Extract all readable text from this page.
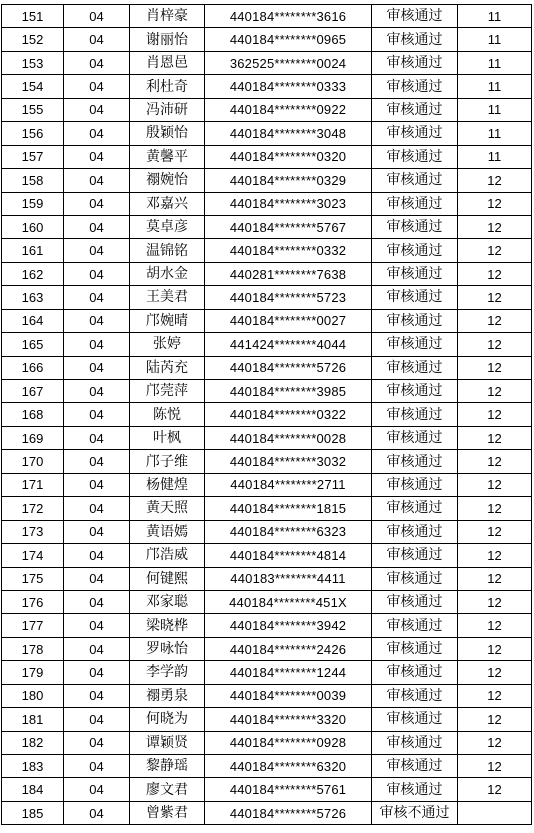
151	04	肖梓豪	440184********3616	审核通过	11
152	04	谢丽怡	440184********0965	审核通过	11
153	04	肖恩邑	362525********0024	审核通过	11
154	04	利杜奇	440184********0333	审核通过	11
155	04	冯沛研	440184********0922	审核通过	11
156	04	殷颖怡	440184********3048	审核通过	11
157	04	黄馨平	440184********0320	审核通过	11
158	04	禤婉怡	440184********0329	审核通过	12
159	04	邓嘉兴	440184********3023	审核通过	12
160	04	莫卓彦	440184********5767	审核通过	12
161	04	温锦铭	440184********0332	审核通过	12
162	04	胡水金	440281********7638	审核通过	12
163	04	王美君	440184********5723	审核通过	12
164	04	邝婉晴	440184********0027	审核通过	12
165	04	张婷	441424********4044	审核通过	12
166	04	陆芮充	440184********5726	审核通过	12
167	04	邝莞萍	440184********3985	审核通过	12
168	04	陈悦	440184********0322	审核通过	12
169	04	叶枫	440184********0028	审核通过	12
170	04	邝子维	440184********3032	审核通过	12
171	04	杨健煌	440184********2711	审核通过	12
172	04	黄天照	440184********1815	审核通过	12
173	04	黄语嫣	440184********6323	审核通过	12
174	04	邝浩威	440184********4814	审核通过	12
175	04	何键熙	440183********4411	审核通过	12
176	04	邓家聪	440184********451X	审核通过	12
177	04	梁晓桦	440184********3942	审核通过	12
178	04	罗咏怡	440184********2426	审核通过	12
179	04	李学韵	440184********1244	审核通过	12
180	04	禤勇泉	440184********0039	审核通过	12
181	04	何晓为	440184********3320	审核通过	12
182	04	谭颖贤	440184********0928	审核通过	12
183	04	黎静瑶	440184********6320	审核通过	12
184	04	廖文君	440184********5761	审核通过	12
185	04	曾紫君	440184********5726	审核不通过	
